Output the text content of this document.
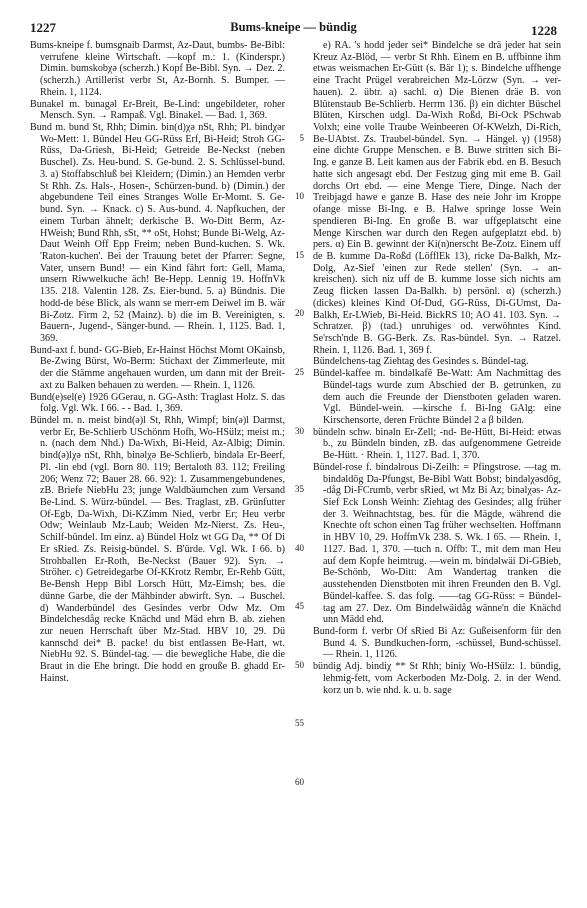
1227	Bums-kneipe — bündig	1228
Bums-kneipe f. bumsgnaib Darmst, Az-Daut, bumbs- Be-Bibl: verrufene kleine Wirtschaft. —kopf m.: 1. (Kinderspr.) Dimin. bumskobχə (scherzh.) Kopf Be-Bibl. Syn. → Dez. 2. (scherzh.) Artillerist verbr St, Az-Bornh. S. Bumper. — Rhein. 1, 1124.
Bunakel m. bunagəl Er-Breit, Be-Lind: ungebildeter, roher Mensch. Syn. → Rampaß. Vgl. Binakel. — Bad. 1, 369.
Bund m. bund St, Rhh; Dimin. bin(d)χə nSt, Rhh; Pl. bindχər Wo-Mett: 1. Bündel Heu GG-Rüss Erf, Bi-Heid; Stroh GG-Rüss, Da-Griesh, Bi-Heid; Getreide Be-Neckst (neben Buschel). Zs. Heu-bund. S. Ge-bund. 2. S. Schlüssel-bund. 3. a) Stoffabschluß bei Kleidern; (Dimin.) an Hemden verbr St Rhh. Zs. Hals-, Hosen-, Schürzen-bund. b) (Dimin.) der abgebundene Teil eines Stranges Wolle Er-Momt. S. Ge-bund. Syn. → Knack. c) S. Aus-bund. 4. Napfkuchen, der einem Turban ähnelt; derkische B. Wo-Ditt Berm, Az-HWeish; Bund Rhh, sSt, ** oSt, Hohst; Bunde Bi-Welg, Az-Daut Weinh Off Epp Freim; neben Bund-kuchen. S. Wk. 'Raton-kuchen'. Bei der Trauung betet der Pfarrer: Segne, Vater, unsern Bund! — ein Kind fährt fort: Gell, Mama, unsern Riwwelkuche äch! Be-Hepp. Lennig 19. HoffnVk 135. 218. Valentin 128. Zs. Eier-bund. 5. a) Bündnis. Die hodd-de bése Blick, als wann se merr-em Deiwel im B. wär Bi-Zotz. Firm 2, 52 (Mainz). b) die im B. Vereinigten, s. Bauern-, Jugend-, Sänger-bund. — Rhein. 1, 1125. Bad. 1, 369.
Bund-axt f. bund- GG-Bieb, Er-Hainst Höchst Momt OKainsb, Be-Zwing Bürst, Wo-Berm: Stichaxt der Zimmerleute, mit der die Stämme angehauen wurden, um dann mit der Breit-axt zu Balken behauen zu werden. — Rhein. 1, 1126.
Bund(e)sel(e) 1926 GGerau, n. GG-Asth: Traglast Holz. S. das folg. Vgl. Wk. I 66. - - Bad. 1, 369.
Bündel m. n. meist bind(ə)l St, Rhh, Wimpf; bin(ə)l Darmst, verbr Er, Be-Schlierb USchönm Hofh, Wo-HSülz; meist m.; n. (nach dem Nhd.) Da-Wixh, Bi-Heid, Az-Albig; Dimin. bind(ə)lχə nSt, Rhh, binəlχə Be-Schlierb, bindələ Er-Beerf, Pl. -lin ebd (vgl. Born 80. 119; Bertaloth 83. 112; Freiling 206; Wenz 72; Bauer 28. 66. 92): 1. Zusammengebundenes, zB. Briefe NiebHu 23; junge Waldbäumchen zum Versand Be-Lind. S. Würz-bündel. — Bes. Traglast, zB. Grünfutter Of-Egb, Da-Wixh, Di-KZimm Nied, verbr Er; Heu verbr Odw; Weinlaub Mz-Laub; Weiden Mz-Nierst. Zs. Heu-, Schilf-bündel. Im einz. a) Bündel Holz wt GG Da, ** Of Di Er sRied. Zs. Reisig-bündel. S. B'ürde. Vgl. Wk. I 66. b) Strohballen Er-Roth, Be-Neckst (Bauer 92). Syn. → Ströher. c) Getreidegarbe Of-KKrotz Rembr, Er-Rehb Gütt, Be-Bensh Hepp Bibl Lorsch Hütt, Mz-Eimsh; bes. die dünne Garbe, die der Mähbinder abwirft. Syn. → Buschel. d) Wanderbündel des Gesindes verbr Odw Mz. Om Bindelchesdåg recke Knächd und Mäd ehrn B. ab. ziehen zur neuen Herrschaft über Mz-Stad. HBV 10, 29. Dü kannschd dei* B. packe! du bist entlassen Be-Hart, wt. NiebHu 92. S. Bündel-tag. — die bewegliche Habe, die die Braut in die Ehe bringt. Die hodd en grouße B. ghadd Er-Hainst.
5
10
15
20
25
30
35
40
45
50
55
60
e) RA. 's hodd jeder sei* Bindelche se drä jeder hat sein Kreuz Az-Blöd, — verbr St Rhh. Einem en B. uffbinne ihm etwas weismachen Er-Gütt (s. Bär 1); s. Bindelche uffhenge eine Tracht Prügel verabreichen Mz-Lörzw (Syn. → ver-hauen). 2. übtr. a) sachl. α) Die Bienen dräe B. von Blütenstaub Be-Schlierb. Herrm 136. β) ein dichter Büschel Blüten, Kirschen udgl. Da-Wixh Roßd, Bi-Ock PSchwab Volxh; eine volle Traube Weinbeeren Of-KWelzh, Di-Rich, Be-UAbtst. Zs. Traubel-bündel. Syn. → Hängel. γ) (1958) eine dichte Gruppe Menschen. e B. Buwe stritten sich Bi-Ing. e ganze B. Leit kamen aus der Fabrik ebd. en B. Besuch hatte sich angesagt ebd. Der Festzug ging mit eme B. Gail dorchs Ort ebd. — eine Menge Tiere, Dinge. Nach der Treibjagd hawe e ganze B. Hase des neie Johr im Kroppe ofange misse Bi-Ing. e B. Halwe springe losse Wein spendieren Bi-Ing. En große B. war uffgeplatscht eine Menge Kirschen war durch den Regen aufgeplatzt ebd. b) pers. α) Ein B. gewinnt der Ki(n)nerscht Be-Zotz. Einem uff de B. kumme Da-Roßd (LöfflEk 13), ricke Da-Balkh, Mz-Dolg, Az-Sief 'einen zur Rede stellen' (Syn. → an-kreischen). sich niz uff de B. kumme losse sich nichts am Zeug flicken lassen Da-Balkh. b) persönl. α) (scherzh.) (dickes) kleines Kind Of-Dud, GG-Rüss, Di-GUmst, Da-Balkh, Er-LWieb, Bi-Heid. BickRS 10; AO 41. 103. Syn. → Schratzer. β) (tad.) unruhiges od. verwöhntes Kind. Se'rsch'nde B. GG-Berk. Zs. Ras-bündel. Syn. → Ratzel. Rhein. 1, 1126. Bad. 1, 369 f.
Bündelchens-tag Ziehtag des Gesindes s. Bündel-tag.
Bündel-kaffee m. bindəlkafē Be-Watt: Am Nachmittag des Bündel-tags wurde zum Abschied der B. getrunken, zu dem auch die Freunde der Dienstboten geladen waren. Vgl. Bündel-wein. —kirsche f. Bi-Ing GAlg: eine Kirschensorte, deren Früchte Bündel 2 a β bilden.
bündeln schw. binəln Er-Zell; -nd- Be-Hütt, Bi-Heid: etwas b., zu Bündeln binden, zB. das aufgenommene Getreide Be-Hütt. · Rhein. 1, 1127. Bad. 1, 370.
Bündel-rose f. bindəlrous Di-Zeilh: = Pfingstrose. —tag m. bindəldōg Da-Pfungst, Be-Bibl Watt Bobst; bindəlχəsdōg, -dåg Di-FCrumb, verbr sRied, wt Mz Bi Az; binəlχəs- Az-Sief Eck Lonsh Weinh: Ziehtag des Gesindes; allg früher der 3. Weihnachtstag, bes. für die Mägde, während die Knechte oft schon einen Tag früher wechselten. Hoffmann in HBV 10, 29. HoffmVk 238. S. Wk. I 65. — Rhein. 1, 1127. Bad. 1, 370. —tuch n. Offb: T., mit dem man Heu auf dem Kopfe heimtrug. —wein m. bindəlwäi Di-GBieb, Be-Schönb, Wo-Ditt: Am Wandertag tranken die ausstehenden Dienstboten mit ihren Freunden den B. Vgl. Bündel-kaffee. S. das folg. ——tag GG-Rüss: = Bündel-tag am 27. Dez. Om Bindelwäidåg wänne'n die Knächd unn Mädd ehd.
Bund-form f. verbr Of sRied Bi Az: Gußeisenform für den Bund 4. S. Bundkuchen-form, -schüssel, Bund-schüssel. — Rhein. 1, 1126.
bündig Adj. bindiχ ** St Rhh; biniχ Wo-HSülz: 1. bündig, lehmig-fett, vom Ackerboden Mz-Dolg. 2. in der Wend. korz un b. wie nhd. k. u. b. sage
